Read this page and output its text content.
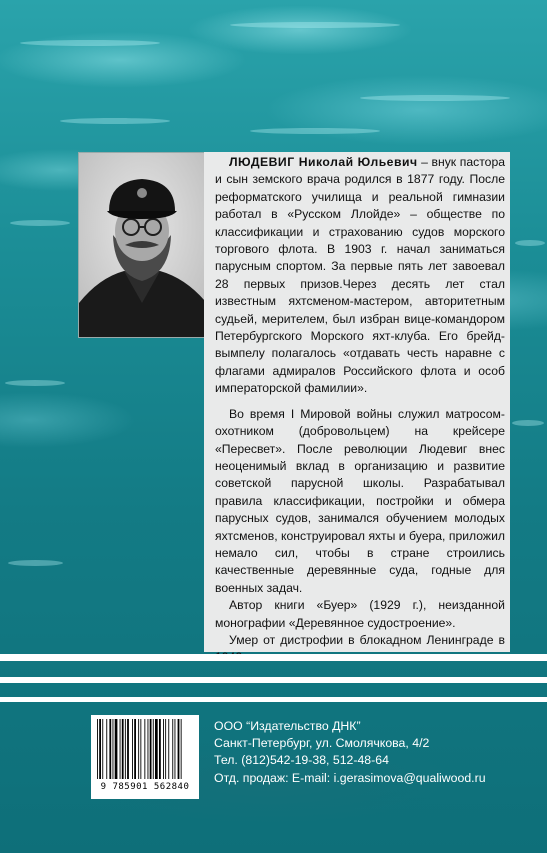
ЛЮДЕВИГ Николай Юльевич – внук пастора и сын земского врача родился в 1877 году. После реформатского училища и реальной гимназии работал в «Русском Ллойде» – обществе по классификации и страхованию судов морского торгового флота. В 1903 г. начал заниматься парусным спортом. За первые пять лет завоевал 28 первых призов.Через десять лет стал известным яхтсменом-мастером, авторитетным судьей, мерителем, был избран вице-командором Петербургского Морского яхт-клуба. Его брейд-вымпелу полагалось «отдавать честь наравне с флагами адмиралов Российского флота и особ императорской фамилии».

Во время I Мировой войны служил матросом-охотником (добровольцем) на крейсере «Пересвет». После революции Людевиг внес неоценимый вклад в организацию и развитие советской парусной школы. Разрабатывал правила классификации, постройки и обмера парусных судов, занимался обучением молодых яхтсменов, конструировал яхты и буера, приложил немало сил, чтобы в стране строились качественные деревянные суда, годные для военных задач.

Автор книги «Буер» (1929 г.), неизданной монографии «Деревянное судостроение».

Умер от дистрофии в блокадном Ленинграде в

9 785901 562840
ООО “Издательство ДНК”
Санкт-Петербург, ул. Смолячкова, 4/2
Тел. (812)542-19-38, 512-48-64
Отд. продаж: E-mail: i.gerasimova@qualiwood.ru
